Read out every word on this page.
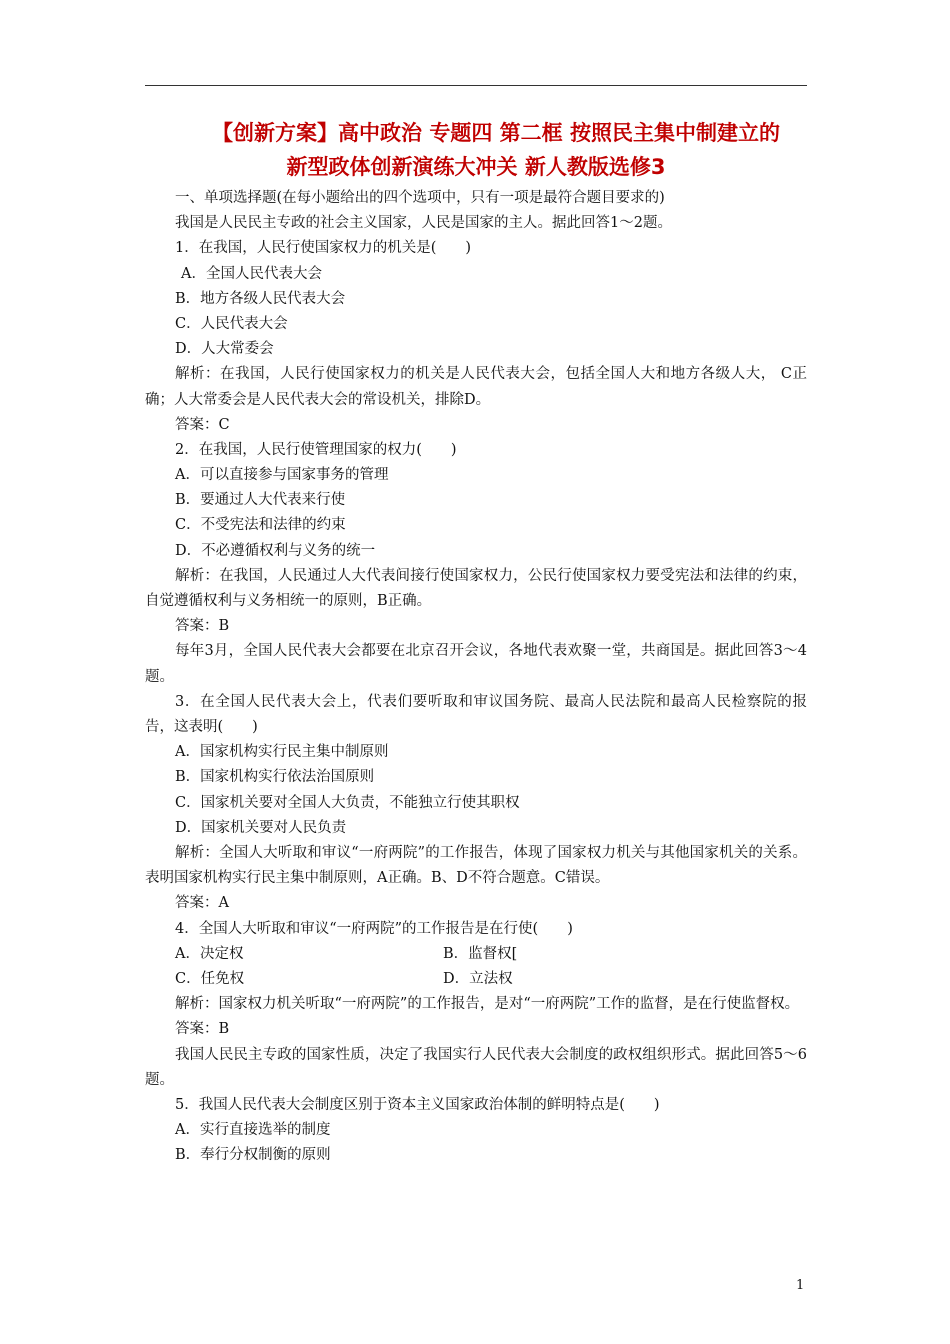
【创新方案】高中政治 专题四 第二框 按照民主集中制建立的
新型政体创新演练大冲关 新人教版选修3
一、单项选择题(在每小题给出的四个选项中，只有一项是最符合题目要求的)
我国是人民民主专政的社会主义国家，人民是国家的主人。据此回答1～2题。
1．在我国，人民行使国家权力的机关是(　　)
A．全国人民代表大会
B．地方各级人民代表大会
C．人民代表大会
D．人大常委会
解析：在我国，人民行使国家权力的机关是人民代表大会，包括全国人大和地方各级人大， C正确；人大常委会是人民代表大会的常设机关，排除D。
答案：C
2．在我国，人民行使管理国家的权力(　　)
A．可以直接参与国家事务的管理
B．要通过人大代表来行使
C．不受宪法和法律的约束
D．不必遵循权利与义务的统一
解析：在我国，人民通过人大代表间接行使国家权力，公民行使国家权力要受宪法和法律的约束，自觉遵循权利与义务相统一的原则，B正确。
答案：B
每年3月，全国人民代表大会都要在北京召开会议，各地代表欢聚一堂，共商国是。据此回答3～4题。
3．在全国人民代表大会上，代表们要听取和审议国务院、最高人民法院和最高人民检察院的报告，这表明(　　)
A．国家机构实行民主集中制原则
B．国家机构实行依法治国原则
C．国家机关要对全国人大负责，不能独立行使其职权
D．国家机关要对人民负责
解析：全国人大听取和审议“一府两院”的工作报告，体现了国家权力机关与其他国家机关的关系。表明国家机构实行民主集中制原则，A正确。B、D不符合题意。C错误。
答案：A
4．全国人大听取和审议“一府两院”的工作报告是在行使(　　)
A．决定权	B．监督权[
C．任免权	D．立法权
解析：国家权力机关听取“一府两院”的工作报告，是对“一府两院”工作的监督，是在行使监督权。
答案：B
我国人民民主专政的国家性质，决定了我国实行人民代表大会制度的政权组织形式。据此回答5～6题。
5．我国人民代表大会制度区别于资本主义国家政治体制的鲜明特点是(　　)
A．实行直接选举的制度
B．奉行分权制衡的原则
1
